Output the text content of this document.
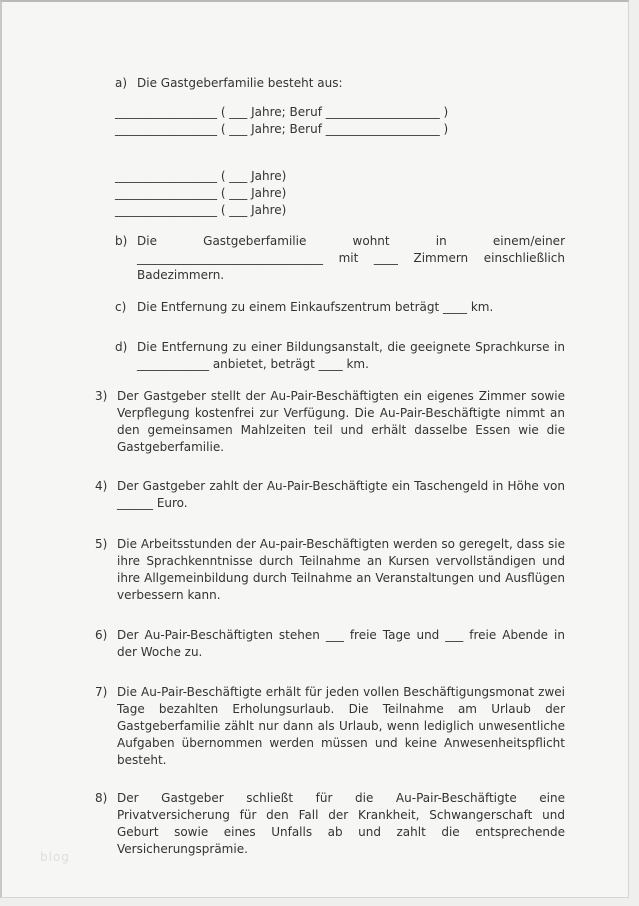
a) Die Gastgeberfamilie besteht aus:
_________________ ( ___ Jahre; Beruf ___________________ )
_________________ ( ___ Jahre; Beruf ___________________ )
_________________ ( ___ Jahre)
_________________ ( ___ Jahre)
_________________ ( ___ Jahre)
b) Die Gastgeberfamilie wohnt in einem/einer _______________________________ mit ____ Zimmern einschließlich Badezimmern.
c) Die Entfernung zu einem Einkaufszentrum beträgt ____ km.
d) Die Entfernung zu einer Bildungsanstalt, die geeignete Sprachkurse in ____________ anbietet, beträgt ____ km.
3) Der Gastgeber stellt der Au-Pair-Beschäftigten ein eigenes Zimmer sowie Verpflegung kostenfrei zur Verfügung. Die Au-Pair-Beschäftigte nimmt an den gemeinsamen Mahlzeiten teil und erhält dasselbe Essen wie die Gastgeberfamilie.
4) Der Gastgeber zahlt der Au-Pair-Beschäftigte ein Taschengeld in Höhe von ______ Euro.
5) Die Arbeitsstunden der Au-pair-Beschäftigten werden so geregelt, dass sie ihre Sprachkenntnisse durch Teilnahme an Kursen vervollständigen und ihre Allgemeinbildung durch Teilnahme an Veranstaltungen und Ausflügen verbessern kann.
6) Der Au-Pair-Beschäftigten stehen ___ freie Tage und ___ freie Abende in der Woche zu.
7) Die Au-Pair-Beschäftigte erhält für jeden vollen Beschäftigungsmonat zwei Tage bezahlten Erholungsurlaub. Die Teilnahme am Urlaub der Gastgeberfamilie zählt nur dann als Urlaub, wenn lediglich unwesentliche Aufgaben übernommen werden müssen und keine Anwesenheitspflicht besteht.
8) Der Gastgeber schließt für die Au-Pair-Beschäftigte eine Privatversicherung für den Fall der Krankheit, Schwangerschaft und Geburt sowie eines Unfalls ab und zahlt die entsprechende Versicherungsprämie.
blog
